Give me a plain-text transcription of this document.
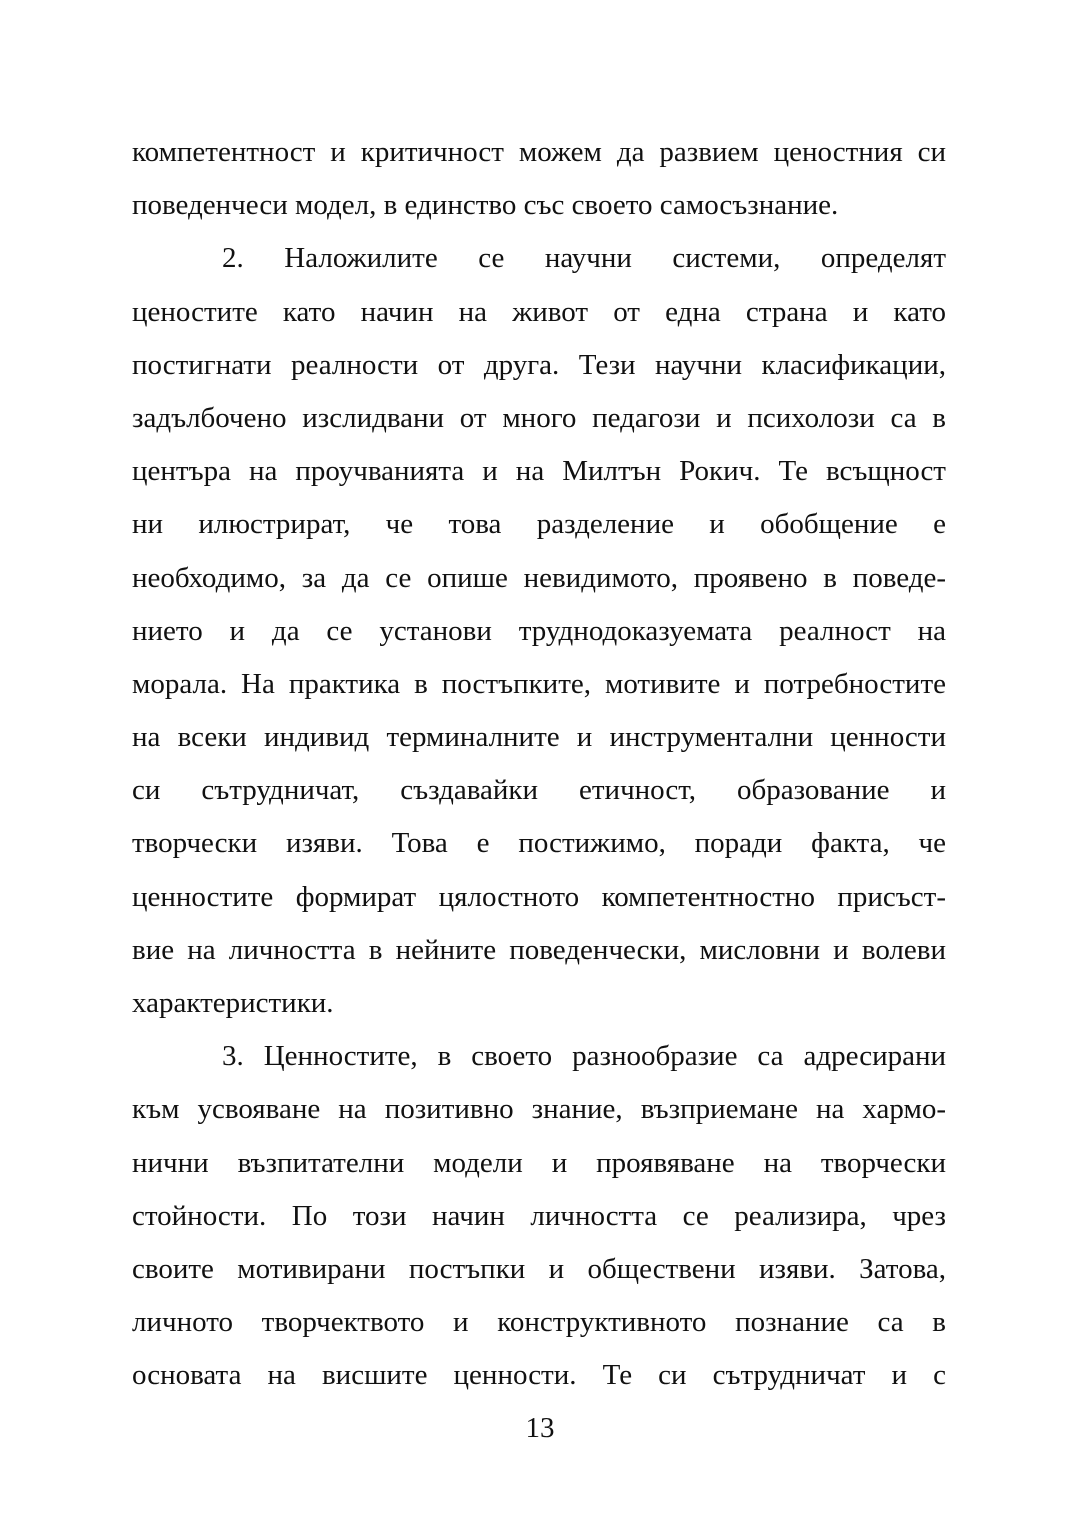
компетентност и критичност можем да развием ценостния си
поведенчеси модел, в единство със своето самосъзнание.
2. Наложилите се научни системи, определят
ценостите като начин на живот от една страна и като
постигнати реалности от друга. Тези научни класификации,
задълбочено изслидвани от много педагози и психолози са в
центъра на проучванията и на Милтън Рокич. Те всъщност
ни илюстрират, че това разделение и обобщение е
необходимо, за да се опише невидимото, проявено в поведе-
нието и да се установи труднодоказуемата реалност на
морала. На практика в постъпките, мотивите и потребностите
на всеки индивид терминалните и инструментални ценности
си сътрудничат, създавайки етичност, образование и
творчески изяви. Това е постижимо, поради факта, че
ценностите формират цялостното компетентностно присъст-
вие на личността в нейните поведенчески, мисловни и волеви
характеристики.
3. Ценностите, в своето разнообразие са адресирани
към усвояване на позитивно знание, възприемане на хармо-
нични възпитателни модели и проявяване на творчески
стойности. По този начин личността се реализира, чрез
своите мотивирани постъпки и обществени изяви. Затова,
личното творчектвото и конструктивното познание са в
основата на висшите ценности. Те си сътрудничат и с
13
